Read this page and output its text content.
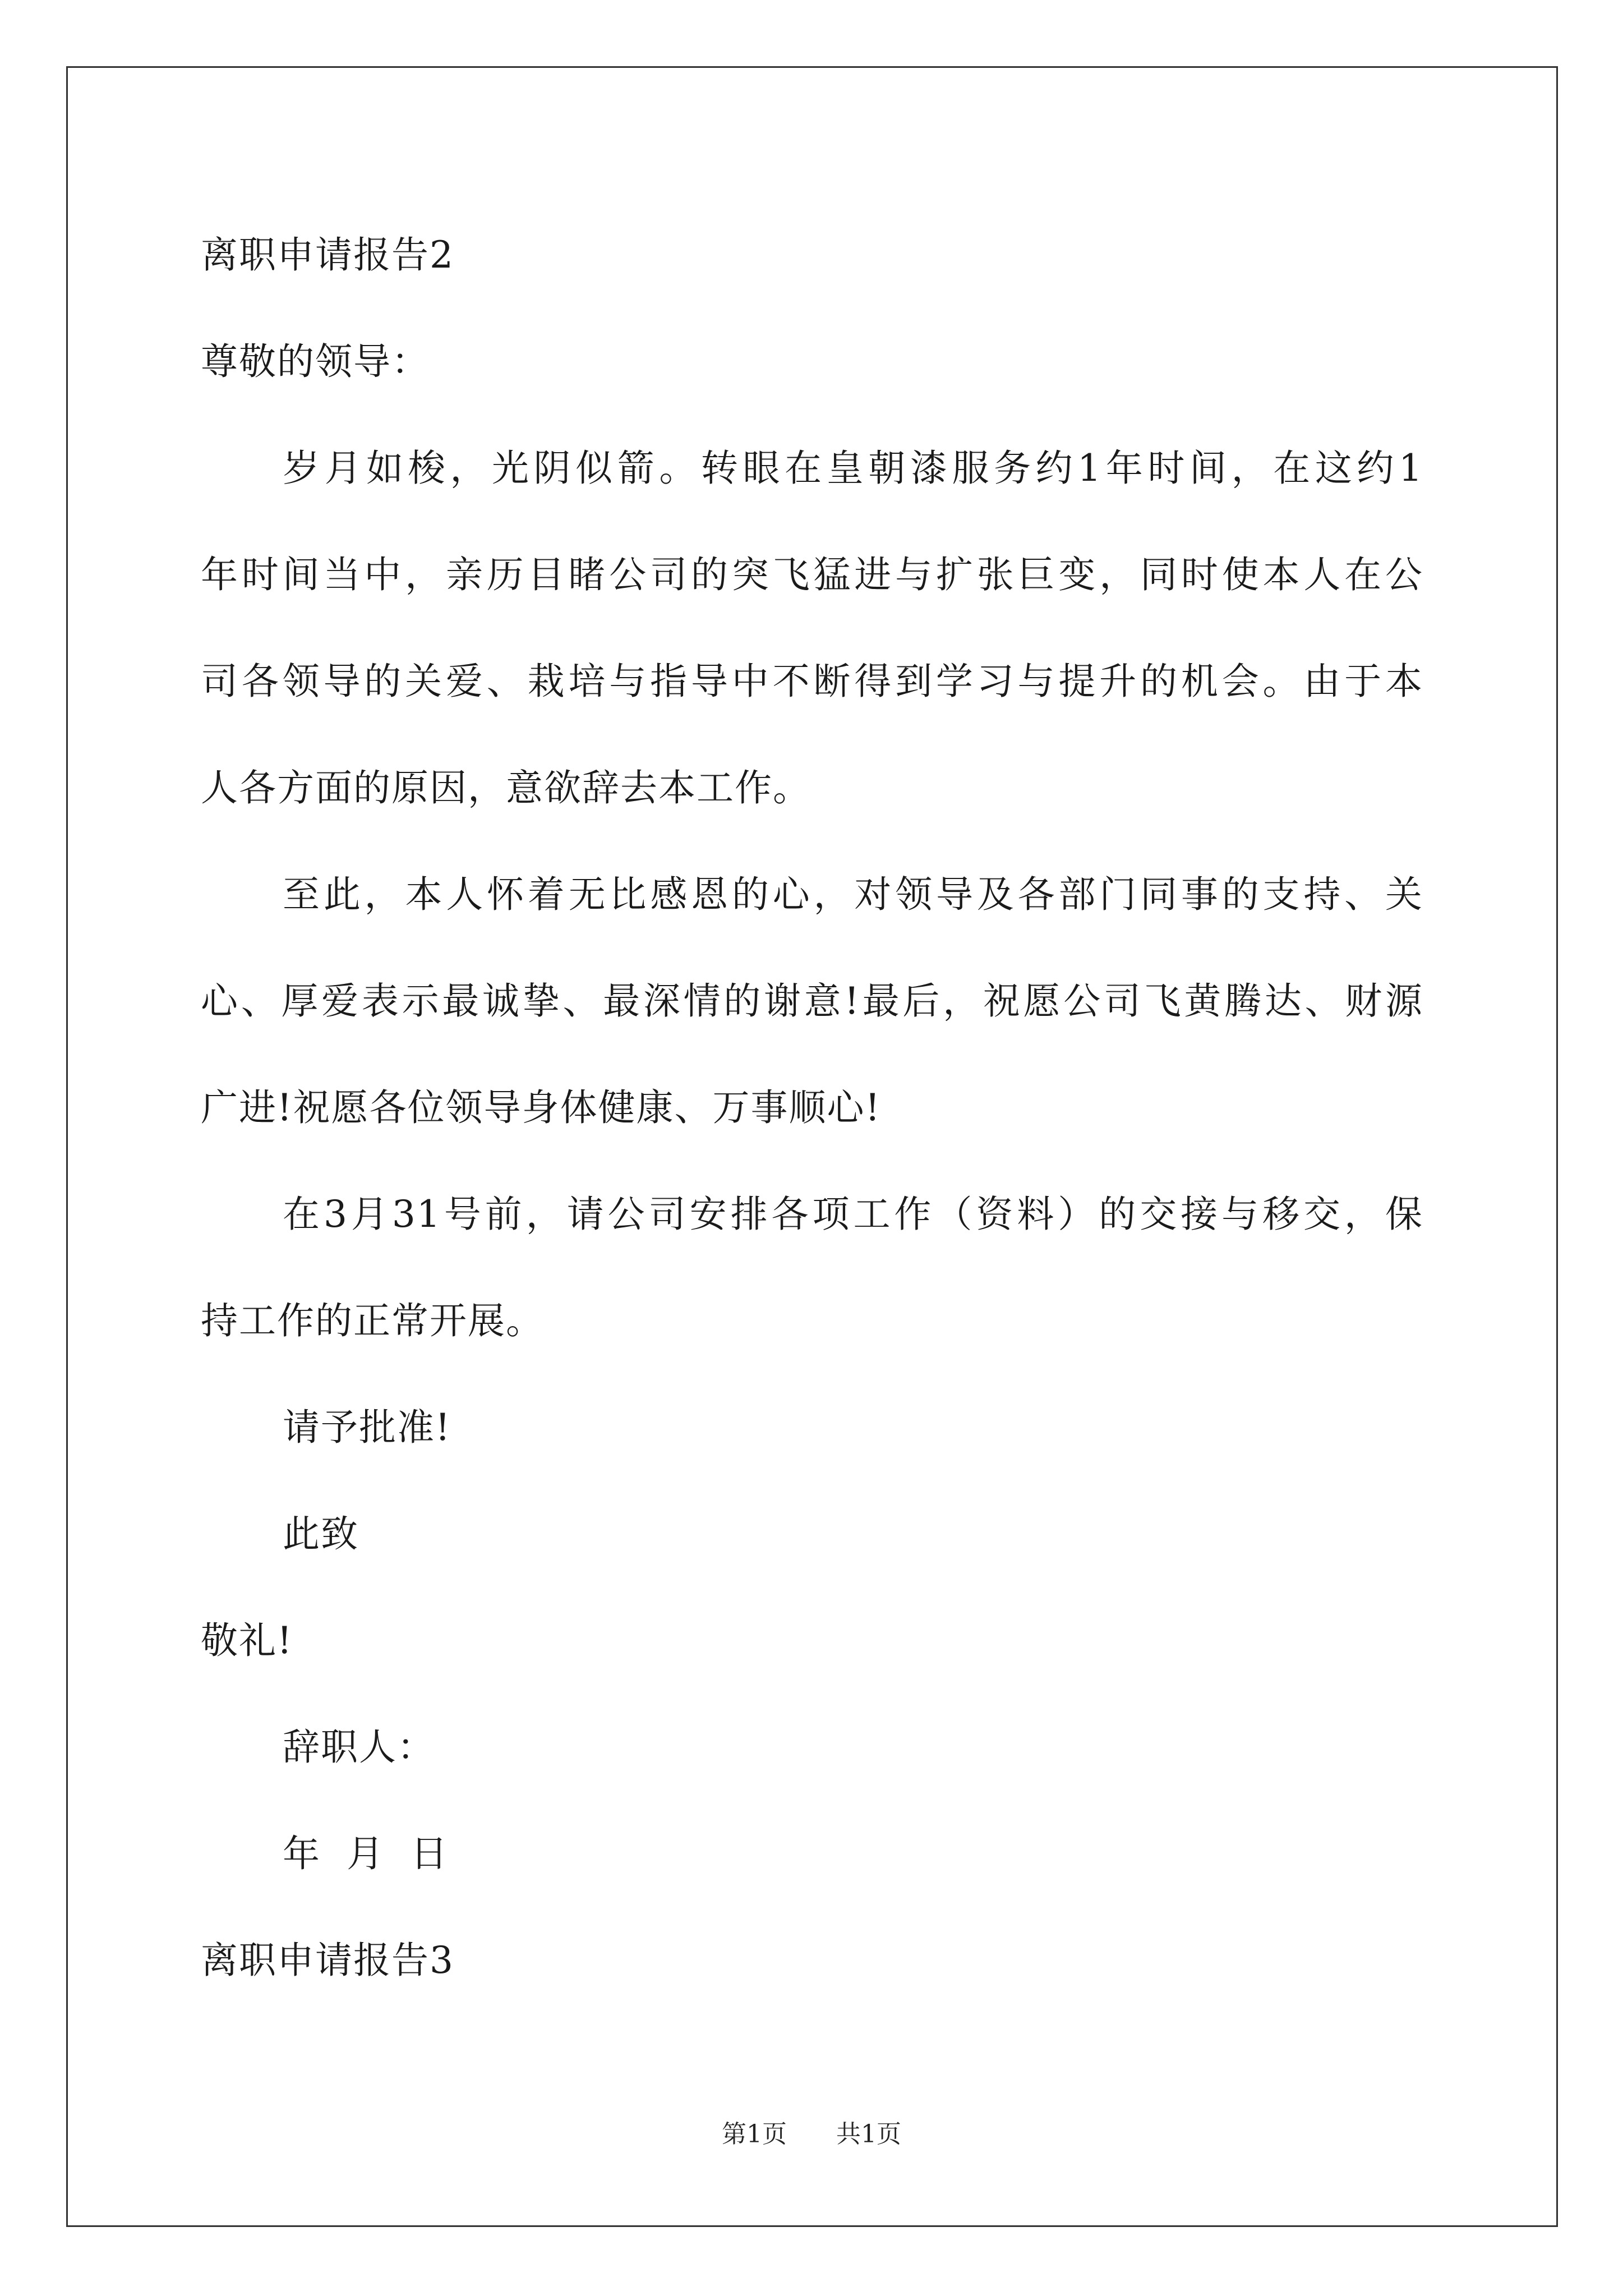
离职申请报告2
尊敬的领导：
岁月如梭，光阴似箭。转眼在皇朝漆服务约1年时间，在这约1
年时间当中，亲历目睹公司的突飞猛进与扩张巨变，同时使本人在公
司各领导的关爱、栽培与指导中不断得到学习与提升的机会。由于本
人各方面的原因，意欲辞去本工作。
至此，本人怀着无比感恩的心，对领导及各部门同事的支持、关
心、厚爱表示最诚挚、最深情的谢意!最后，祝愿公司飞黄腾达、财源
广进!祝愿各位领导身体健康、万事顺心!
在3月31号前，请公司安排各项工作（资料）的交接与移交，保
持工作的正常开展。
请予批准!
此致
敬礼!
辞职人：
年  月  日
离职申请报告3
第1页 共1页
